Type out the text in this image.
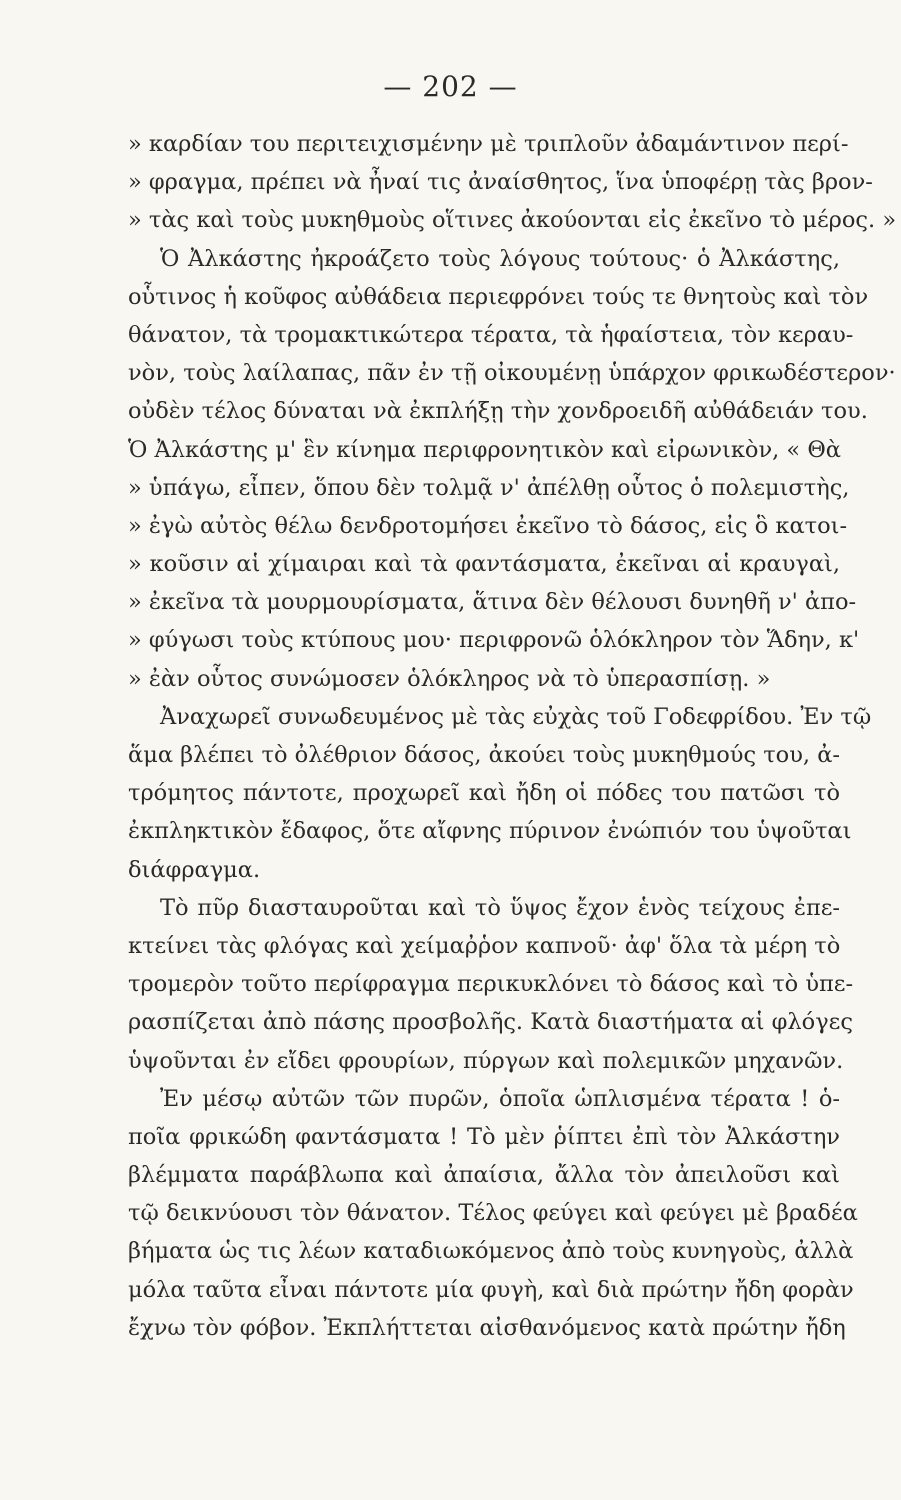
— 202 —
» καρδίαν του περιτειχισμένην μὲ τριπλοῦν ἀδαμάντινον περί-
» φραγμα, πρέπει νὰ ἦναί τις ἀναίσθητος, ἵνα ὑποφέρῃ τὰς βρον-
» τὰς καὶ τοὺς μυκηθμοὺς οἵτινες ἀκούονται εἰς ἐκεῖνο τὸ μέρος. »
Ὁ Ἀλκάστης ἠκροάζετο τοὺς λόγους τούτους· ὁ Ἀλκάστης,
οὗτινος ἡ κοῦφος αὐθάδεια περιεφρόνει τούς τε θνητοὺς καὶ τὸν
θάνατον, τὰ τρομακτικώτερα τέρατα, τὰ ἡφαίστεια, τὸν κεραυ-
νὸν, τοὺς λαίλαπας, πᾶν ἐν τῇ οἰκουμένῃ ὑπάρχον φρικωδέστερον·
οὐδὲν τέλος δύναται νὰ ἐκπλήξῃ τὴν χονδροειδῆ αὐθάδειάν του.
Ὁ Ἀλκάστης μ' ἓν κίνημα περιφρονητικὸν καὶ εἰρωνικὸν, « Θὰ
» ὑπάγω, εἶπεν, ὅπου δὲν τολμᾷ ν' ἀπέλθῃ οὗτος ὁ πολεμιστὴς,
» ἐγὼ αὐτὸς θέλω δενδροτομήσει ἐκεῖνο τὸ δάσος, εἰς ὃ κατοι-
» κοῦσιν αἱ χίμαιραι καὶ τὰ φαντάσματα, ἐκεῖναι αἱ κραυγαὶ,
» ἐκεῖνα τὰ μουρμουρίσματα, ἅτινα δὲν θέλουσι δυνηθῆ ν' ἀπο-
» φύγωσι τοὺς κτύπους μου· περιφρονῶ ὁλόκληρον τὸν Ἅδην, κ'
» ἐὰν οὗτος συνώμοσεν ὁλόκληρος νὰ τὸ ὑπερασπίσῃ. »
Ἀναχωρεῖ συνωδευμένος μὲ τὰς εὐχὰς τοῦ Γοδεφρίδου. Ἐν τῷ
ἅμα βλέπει τὸ ὀλέθριον δάσος, ἀκούει τοὺς μυκηθμούς του, ἀ-
τρόμητος πάντοτε, προχωρεῖ καὶ ἤδη οἱ πόδες του πατῶσι τὸ
ἐκπληκτικὸν ἔδαφος, ὅτε αἴφνης πύρινον ἐνώπιόν του ὑψοῦται
διάφραγμα.
Τὸ πῦρ διασταυροῦται καὶ τὸ ὕψος ἔχον ἑνὸς τείχους ἐπε-
κτείνει τὰς φλόγας καὶ χείμαῤῥον καπνοῦ· ἀφ' ὅλα τὰ μέρη τὸ
τρομερὸν τοῦτο περίφραγμα περικυκλόνει τὸ δάσος καὶ τὸ ὑπε-
ρασπίζεται ἀπὸ πάσης προσβολῆς. Κατὰ διαστήματα αἱ φλόγες
ὑψοῦνται ἐν εἴδει φρουρίων, πύργων καὶ πολεμικῶν μηχανῶν.
Ἐν μέσῳ αὐτῶν τῶν πυρῶν, ὁποῖα ὡπλισμένα τέρατα ! ὁ-
ποῖα φρικώδη φαντάσματα ! Τὸ μὲν ῥίπτει ἐπὶ τὸν Ἀλκάστην
βλέμματα παράβλωπα καὶ ἀπαίσια, ἄλλα τὸν ἀπειλοῦσι καὶ
τῷ δεικνύουσι τὸν θάνατον. Τέλος φεύγει καὶ φεύγει μὲ βραδέα
βήματα ὡς τις λέων καταδιωκόμενος ἀπὸ τοὺς κυνηγοὺς, ἀλλὰ
μόλα ταῦτα εἶναι πάντοτε μία φυγὴ, καὶ διὰ πρώτην ἤδη φορὰν
ἔχνω τὸν φόβον. Ἐκπλήττεται αἰσθανόμενος κατὰ πρώτην ἤδη
